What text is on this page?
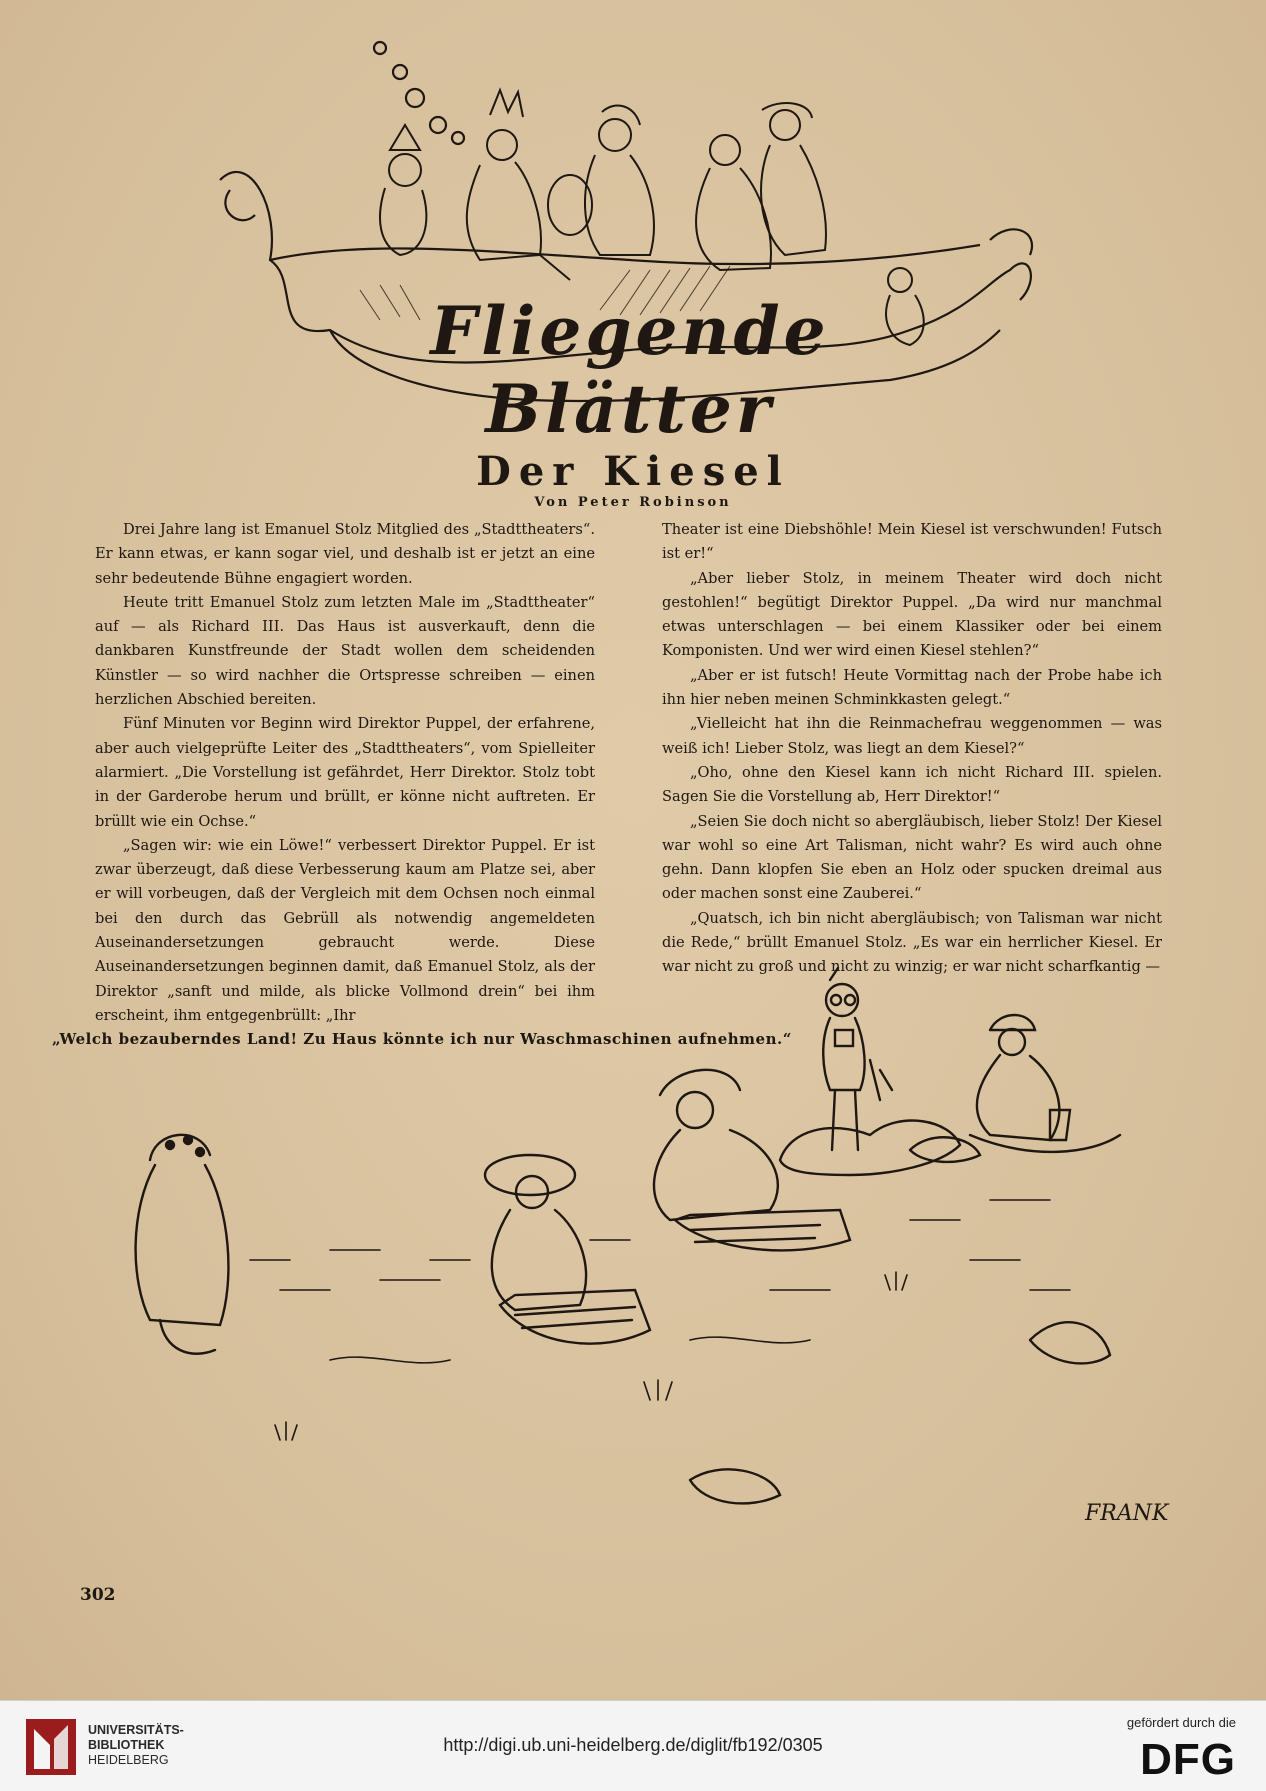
Fliegende Blätter
Der Kiesel
Von Peter Robinson

Drei Jahre lang ist Emanuel Stolz Mitglied des „Stadttheaters“. Er kann etwas, er kann sogar viel, und deshalb ist er jetzt an eine sehr bedeutende Bühne engagiert worden.

Heute tritt Emanuel Stolz zum letzten Male im „Stadttheater“ auf — als Richard III. Das Haus ist ausverkauft, denn die dankbaren Kunstfreunde der Stadt wollen dem scheidenden Künstler — so wird nachher die Ortspresse schreiben — einen herzlichen Abschied bereiten.

Fünf Minuten vor Beginn wird Direktor Puppel, der erfahrene, aber auch vielgeprüfte Leiter des „Stadttheaters“, vom Spielleiter alarmiert. „Die Vorstellung ist gefährdet, Herr Direktor. Stolz tobt in der Garderobe herum und brüllt, er könne nicht auftreten. Er brüllt wie ein Ochse.“

„Sagen wir: wie ein Löwe!“ verbessert Direktor Puppel. Er ist zwar überzeugt, daß diese Verbesserung kaum am Platze sei, aber er will vorbeugen, daß der Vergleich mit dem Ochsen noch einmal bei den durch das Gebrüll als notwendig angemeldeten Auseinandersetzungen gebraucht werde. Diese Auseinandersetzungen beginnen damit, daß Emanuel Stolz, als der Direktor „sanft und milde, als blicke Vollmond drein“ bei ihm erscheint, ihm entgegenbrüllt: „Ihr

Theater ist eine Diebshöhle! Mein Kiesel ist verschwunden! Futsch ist er!“

„Aber lieber Stolz, in meinem Theater wird doch nicht gestohlen!“ begütigt Direktor Puppel. „Da wird nur manchmal etwas unterschlagen — bei einem Klassiker oder bei einem Komponisten. Und wer wird einen Kiesel stehlen?“

„Aber er ist futsch! Heute Vormittag nach der Probe habe ich ihn hier neben meinen Schminkkasten gelegt.“

„Vielleicht hat ihn die Reinmachefrau weggenommen — was weiß ich! Lieber Stolz, was liegt an dem Kiesel?“

„Oho, ohne den Kiesel kann ich nicht Richard III. spielen. Sagen Sie die Vorstellung ab, Herr Direktor!“

„Seien Sie doch nicht so abergläubisch, lieber Stolz! Der Kiesel war wohl so eine Art Talisman, nicht wahr? Es wird auch ohne gehn. Dann klopfen Sie eben an Holz oder spucken dreimal aus oder machen sonst eine Zauberei.“

„Quatsch, ich bin nicht abergläubisch; von Talisman war nicht die Rede,“ brüllt Emanuel Stolz. „Es war ein herrlicher Kiesel. Er war nicht zu groß und nicht zu winzig; er war nicht scharfkantig —

FRANK
„Welch bezauberndes Land! Zu Haus könnte ich nur Waschmaschinen aufnehmen.“
302
UNIVERSITÄTS-
BIBLIOTHEK
HEIDELBERG
http://digi.ub.uni-heidelberg.de/diglit/fb192/0305
gefördert durch die
DFG
